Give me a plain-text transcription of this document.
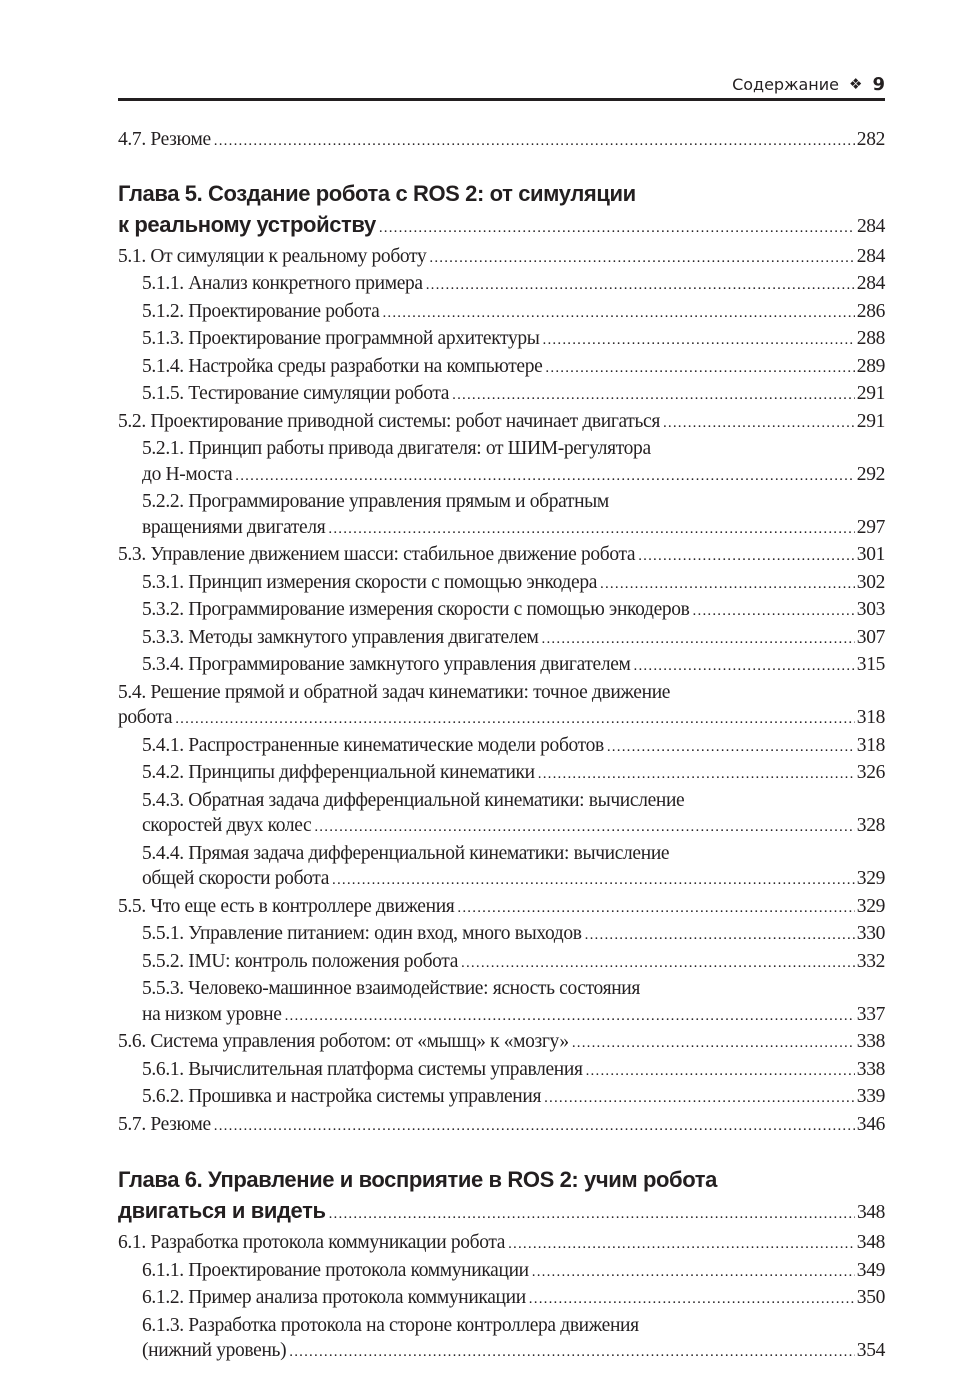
Содержание ❖ 9
4.7. Резюме .....	282
Глава 5. Создание робота с ROS 2: от симуляции
к реальному устройству .....	284
5.1. От симуляции к реальному роботу .....	284
5.1.1. Анализ конкретного примера .....	284
5.1.2. Проектирование робота .....	286
5.1.3. Проектирование программной архитектуры .....	288
5.1.4. Настройка среды разработки на компьютере .....	289
5.1.5. Тестирование симуляции робота .....	291
5.2. Проектирование приводной системы: робот начинает двигаться .....	291
5.2.1. Принцип работы привода двигателя: от ШИМ-регулятора
до H-моста .....	292
5.2.2. Программирование управления прямым и обратным
вращениями двигателя .....	297
5.3. Управление движением шасси: стабильное движение робота .....	301
5.3.1. Принцип измерения скорости с помощью энкодера .....	302
5.3.2. Программирование измерения скорости с помощью энкодеров .....	303
5.3.3. Методы замкнутого управления двигателем .....	307
5.3.4. Программирование замкнутого управления двигателем .....	315
5.4. Решение прямой и обратной задач кинематики: точное движение
робота .....	318
5.4.1. Распространенные кинематические модели роботов .....	318
5.4.2. Принципы дифференциальной кинематики .....	326
5.4.3. Обратная задача дифференциальной кинематики: вычисление
скоростей двух колес .....	328
5.4.4. Прямая задача дифференциальной кинематики: вычисление
общей скорости робота .....	329
5.5. Что еще есть в контроллере движения .....	329
5.5.1. Управление питанием: один вход, много выходов .....	330
5.5.2. IMU: контроль положения робота .....	332
5.5.3. Человеко-машинное взаимодействие: ясность состояния
на низком уровне .....	337
5.6. Система управления роботом: от «мышц» к «мозгу» .....	338
5.6.1. Вычислительная платформа системы управления .....	338
5.6.2. Прошивка и настройка системы управления .....	339
5.7. Резюме .....	346
Глава 6. Управление и восприятие в ROS 2: учим робота
двигаться и видеть .....	348
6.1. Разработка протокола коммуникации робота .....	348
6.1.1. Проектирование протокола коммуникации .....	349
6.1.2. Пример анализа протокола коммуникации .....	350
6.1.3. Разработка протокола на стороне контроллера движения
(нижний уровень) .....	354
